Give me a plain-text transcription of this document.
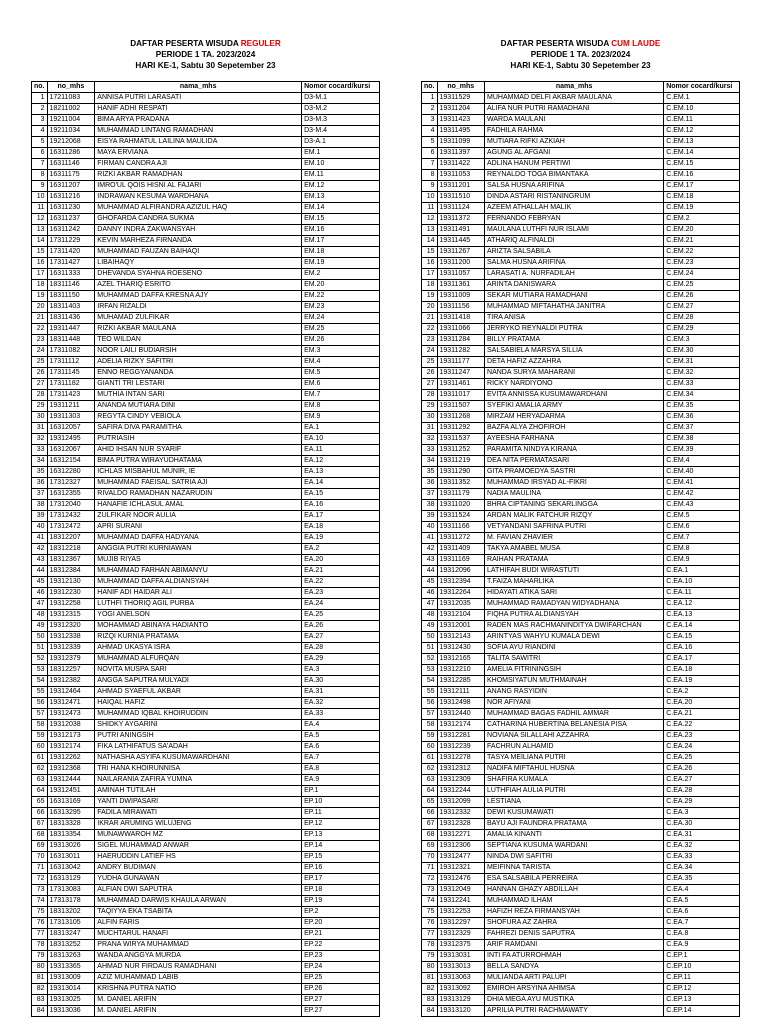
DAFTAR PESERTA WISUDA REGULER
PERIODE 1 TA. 2023/2024
HARI KE-1, Sabtu 30 Sepetember 23
no.	no_mhs	nama_mhs	Nomor cocard/kursi
1	17211083	ANNISA PUTRI LARASATI	D3-M.1
2	18211002	HANIF ADHI RESPATI	D3-M.2
3	19211004	BIMA ARYA PRADANA	D3-M.3
4	19211034	MUHAMMAD LINTANG RAMADHAN	D3-M.4
5	19212068	EISYA RAHMATUL LAILINA MAULIDA	D3-A.1
6	16311286	MAYA ERVIANA	EM.1
7	16311146	FIRMAN CANDRA AJI	EM.10
8	16311175	RIZKI AKBAR RAMADHAN	EM.11
9	16311207	IMRO'UL QOIS HISNI AL FAJARI	EM.12
10	16311216	INDRAWAN KESUMA WARDHANA	EM.13
11	16311230	MUHAMMAD ALFIRANDRA AZIZUL HAQ	EM.14
12	16311237	GHOFARDA CANDRA SUKMA	EM.15
13	16311242	DANNY INDRA ZAKWANSYAH	EM.16
14	17311229	KEVIN MARHEZA FIRNANDA	EM.17
15	17311420	MUHAMMAD FAUZAN BAIHAQI	EM.18
16	17311427	LIBAIHAQY	EM.19
17	16311333	DHEVANDA SYAHNA ROESENO	EM.2
18	18311146	AZEL THARIQ ESRITO	EM.20
19	18311150	MUHAMMAD DAFFA KRESNA AJY	EM.22
20	18311403	IRFAN RIZALDI	EM.23
21	18311436	MUHAMAD ZULFIKAR	EM.24
22	19311447	RIZKI AKBAR MAULANA	EM.25
23	18311448	TEO WILDAN	EM.26
24	17311082	NOOR LAILI BUDIARSIH	EM.3
25	17311112	ADELIA RIZKY SAFITRI	EM.4
26	17311145	ENNO REGGYANANDA	EM.5
27	17311182	GIANTI TRI LESTARI	EM.6
28	17311423	MUTHIA INTAN SARI	EM.7
29	19311211	ANANDA MUTIARA DINI	EM.8
30	19311303	REGYTA CINDY VEBIOLA	EM.9
31	16312057	SAFIRA DIVA PARAMITHA	EA.1
32	19312495	PUTRIASIH	EA.10
33	16312067	AHID IHSAN NUR SYARIF	EA.11
34	16312154	BIMA PUTRA WIRAYUDHATAMA	EA.12
35	16312280	ICHLAS MISBAHUL MUNIR, IE	EA.13
36	17312327	MUHAMMAD FAEISAL SATRIA AJI	EA.14
37	16312355	RIVALDO RAMADHAN NAZARUDIN	EA.15
38	17312040	HANAFIE ICHLASUL AMAL	EA.16
39	17312432	ZULFIKAR NOOR AULIA	EA.17
40	17312472	APRI SURANI	EA.18
41	18312207	MUHAMMAD DAFFA HADYANA	EA.19
42	18312218	ANGGIA PUTRI KURNIAWAN	EA.2
43	18312367	MUJIB RIYAS	EA.20
44	18312384	MUHAMMAD FARHAN ABIMANYU	EA.21
45	19312130	MUHAMMAD DAFFA ALDIANSYAH	EA.22
46	19312230	HANIF ADI HAIDAR ALI	EA.23
47	19312258	LUTHFI THORIQ AGIL PURBA	EA.24
48	19312315	YOGI ANELSON	EA.25
49	19312320	MOHAMMAD ABINAYA HADIANTO	EA.26
50	19312338	RIZQI KURNIA PRATAMA	EA.27
51	19312339	AHMAD UKASYA ISRA	EA.28
52	19312379	MUHAMMAD ALFURQAN	EA.29
53	18312257	NOVITA MUSPA SARI	EA.3
54	19312382	ANGGA SAPUTRA MULYADI	EA.30
55	19312464	AHMAD SYAEFUL AKBAR	EA.31
56	19312471	HAIQAL HAFIZ	EA.32
57	19312473	MUHAMMAD IQBAL KHOIRUDDIN	EA.33
58	19312038	SHIDKY AYGARINI	EA.4
59	19312173	PUTRI ANINGSIH	EA.5
60	19312174	FIKA LATHIFATUS SA'ADAH	EA.6
61	19312262	NATHASHA ASYIFA KUSUMAWARDHANI	EA.7
62	19312368	TRI HANA KHOIRUNNISA	EA.8
63	19312444	NAILARANIA ZAFIRA YUMNA	EA.9
64	19312451	AMINAH TUTILAH	EP.1
65	16313169	YANTI DWIPASARI	EP.10
66	16313295	FADILA MIRAWATI	EP.11
67	18313328	IKRAR ARUMING WILUJENG	EP.12
68	18313354	MUNAWWAROH MZ	EP.13
69	19313026	SIGEL MUHAMMAD ANWAR	EP.14
70	16313011	HAERUDDIN LATIEF HS	EP.15
71	16313042	ANDRY BUDIMAN	EP.16
72	16313129	YUDHA GUNAWAN	EP.17
73	17313083	ALFIAN DWI SAPUTRA	EP.18
74	17313178	MUHAMMAD DARWIS KHAULA ARWAN	EP.19
75	18313202	TAQIYYA EKA TSABITA	EP.2
76	17313105	ALFIN FARIS	EP.20
77	18313247	MUCHTARUL HANAFI	EP.21
78	18313252	PRANA WIRYA MUHAMMAD	EP.22
79	18313263	WANDA ANGGYA MURDA	EP.23
80	19313365	AHMAD NUR FIRDAUS RAMADHANI	EP.24
81	19313009	AZIZ MUHAMMAD LABIB	EP.25
82	19313014	KRISHNA PUTRA NATIO	EP.26
83	19313025	M. DANIEL ARIFIN	EP.27
84	19313036	M. DANIEL ARIFIN	EP.27
DAFTAR PESERTA WISUDA CUM LAUDE
PERIODE 1 TA. 2023/2024
HARI KE-1, Sabtu 30 Sepetember 23
no.	no_mhs	nama_mhs	Nomor cocard/kursi
1	19311529	MUHAMMAD DELFI AKBAR MAULANA	C.EM.1
2	19311204	ALIFA NUR PUTRI RAMADHANI	C.EM.10
3	19311423	WARDA MAULANI	C.EM.11
4	19311495	FADHILA RAHMA	C.EM.12
5	19311099	MUTIARA RIFKI AZKIAH	C.EM.13
6	19311397	AGUNG AL AFGANI	C.EM.14
7	19311422	ADLINA HANUM PERTIWI	C.EM.15
8	19311053	REYNALDO TOGA BIMANTAKA	C.EM.16
9	19311201	SALSA HUSNA ARIFINA	C.EM.17
10	19311510	DINDA ASTARI RISTANINGRUM	C.EM.18
11	19311124	AZEEM ATHALLAH MALIK	C.EM.19
12	19311372	FERNANDO FEBRYAN	C.EM.2
13	19311491	MAULANA LUTHFI NUR ISLAMI	C.EM.20
14	19311445	ATHARIQ ALFINALDI	C.EM.21
15	19311267	ARIZTA SALSABILA	C.EM.22
16	19311200	SALMA HUSNA ARIFINA	C.EM.23
17	19311057	LARASATI A. NURFADILAH	C.EM.24
18	19311361	ARINTA DANISWARA	C.EM.25
19	19311009	SEKAR MUTIARA RAMADHANI	C.EM.26
20	19311156	MUHAMMAD MIFTAHATHA JANITRA	C.EM.27
21	19311418	TIRA ANISA	C.EM.28
22	19311066	JERRYKO REYNALDI PUTRA	C.EM.29
23	19311284	BILLY PRATAMA	C.EM.3
24	19311282	SALSABIELA MARSYA SILLIA	C.EM.30
25	19311177	DETA HAFIZ AZZAHRA	C.EM.31
26	19311247	NANDA SURYA MAHARANI	C.EM.32
27	19311461	RICKY NARDIYONO	C.EM.33
28	19311017	EVITA ANNISSA KUSUMAWARDHANI	C.EM.34
29	19311507	SYEFIKI AMALIA ARMY	C.EM.35
30	19311268	MIRZAM HERYADARMA	C.EM.36
31	19311292	BAZFA ALYA ZHOFIROH	C.EM.37
32	19311537	AYEESHA FARHANA	C.EM.38
33	19311252	PARAMITA NINDYA KIRANA	C.EM.39
34	19311219	DEA NITA PERMATASARI	C.EM.4
35	19311290	GITA PRAMOEDYA SASTRI	C.EM.40
36	19311352	MUHAMMAD IRSYAD AL-FIKRI	C.EM.41
37	19311179	NADIA MAULINA	C.EM.42
38	19311020	BHRA CIPTANING SEKARLINGGA	C.EM.43
39	19311524	ARDAN MALIK FATCHUR RIZQY	C.EM.5
40	19311166	VETYANDANI SAFRINA PUTRI	C.EM.6
41	19311272	M. FAVIAN ZHAVIER	C.EM.7
42	19311409	TAKYA AMABEL MUSA	C.EM.8
43	19311169	RAIHAN PRATAMA	C.EM.9
44	19312096	LATHIFAH BUDI WIRASTUTI	C.EA.1
45	19312394	T.FAIZA MAHARLIKA	C.EA.10
46	19312264	HIDAYATI ATIKA SARI	C.EA.11
47	19312035	MUHAMMAD RAMADYAN WIDYADHANA	C.EA.12
48	19312104	FIQHA PUTRA ALDIANSYAH	C.EA.13
49	19312001	RADEN MAS RACHMANINDITYA DWIFARCHAN	C.EA.14
50	19312143	ARINTYAS WAHYU KUMALA DEWI	C.EA.15
51	19312430	SOFIA AYU RIANDINI	C.EA.16
52	19312165	TALITA SAWITRI	C.EA.17
53	19312210	AMELIA FITRININGSIH	C.EA.18
54	19312285	KHOMSIYATUN MUTHMAINAH	C.EA.19
55	19312111	ANANG RASYIDIN	C.EA.2
56	19312498	NOR AFIYANI	C.EA.20
57	19312440	MUHAMMAD BAGAS FADHIL AMMAR	C.EA.21
58	19312174	CATHARINA HUBERTINA BELANESIA PISA	C.EA.22
59	19312281	NOVIANA SILALLAHI AZZAHRA	C.EA.23
60	19312239	FACHRUN ALHAMID	C.EA.24
61	19312278	TASYA MEILIANA PUTRI	C.EA.25
62	19312312	NADIFA MIFTAHUL HUSNA	C.EA.26
63	19312309	SHAFIRA KUMALA	C.EA.27
64	19312244	LUTHFIAH AULIA PUTRI	C.EA.28
65	19312099	LESTIANA	C.EA.29
66	19312332	DEWI KUSUMAWATI	C.EA.3
67	19312328	BAYU AJI FAUNDRA PRATAMA	C.EA.30
68	19312271	AMALIA KINANTI	C.EA.31
69	19312306	SEPTIANA KUSUMA WARDANI	C.EA.32
70	19312477	NINDA DWI SAFITRI	C.EA.33
71	19312321	MEIFINNA TARISTA	C.EA.34
72	19312476	ESA SALSABILA PERREIRA	C.EA.35
73	19312049	HANNAN GHAZY ABDILLAH	C.EA.4
74	19312241	MUHAMMAD ILHAM	C.EA.5
75	19312253	HAFIZH REZA FIRMANSYAH	C.EA.6
76	19312297	SHOFURA AZ ZAHRA	C.EA.7
77	19312329	FAHREZI DENIS SAPUTRA	C.EA.8
78	19312375	ARIF RAMDANI	C.EA.9
79	19313031	INTI FA ATURROHMAH	C.EP.1
80	19313013	BELLA SANDYA	C.EP.10
81	19313063	MULIANDA ARTI PALUPI	C.EP.11
82	19313092	EMIROH ARSYINA AHIMSA	C.EP.12
83	19313129	DHIA MEGA AYU MUSTIKA	C.EP.13
84	19313120	APRILIA PUTRI RACHMAWATY	C.EP.14
